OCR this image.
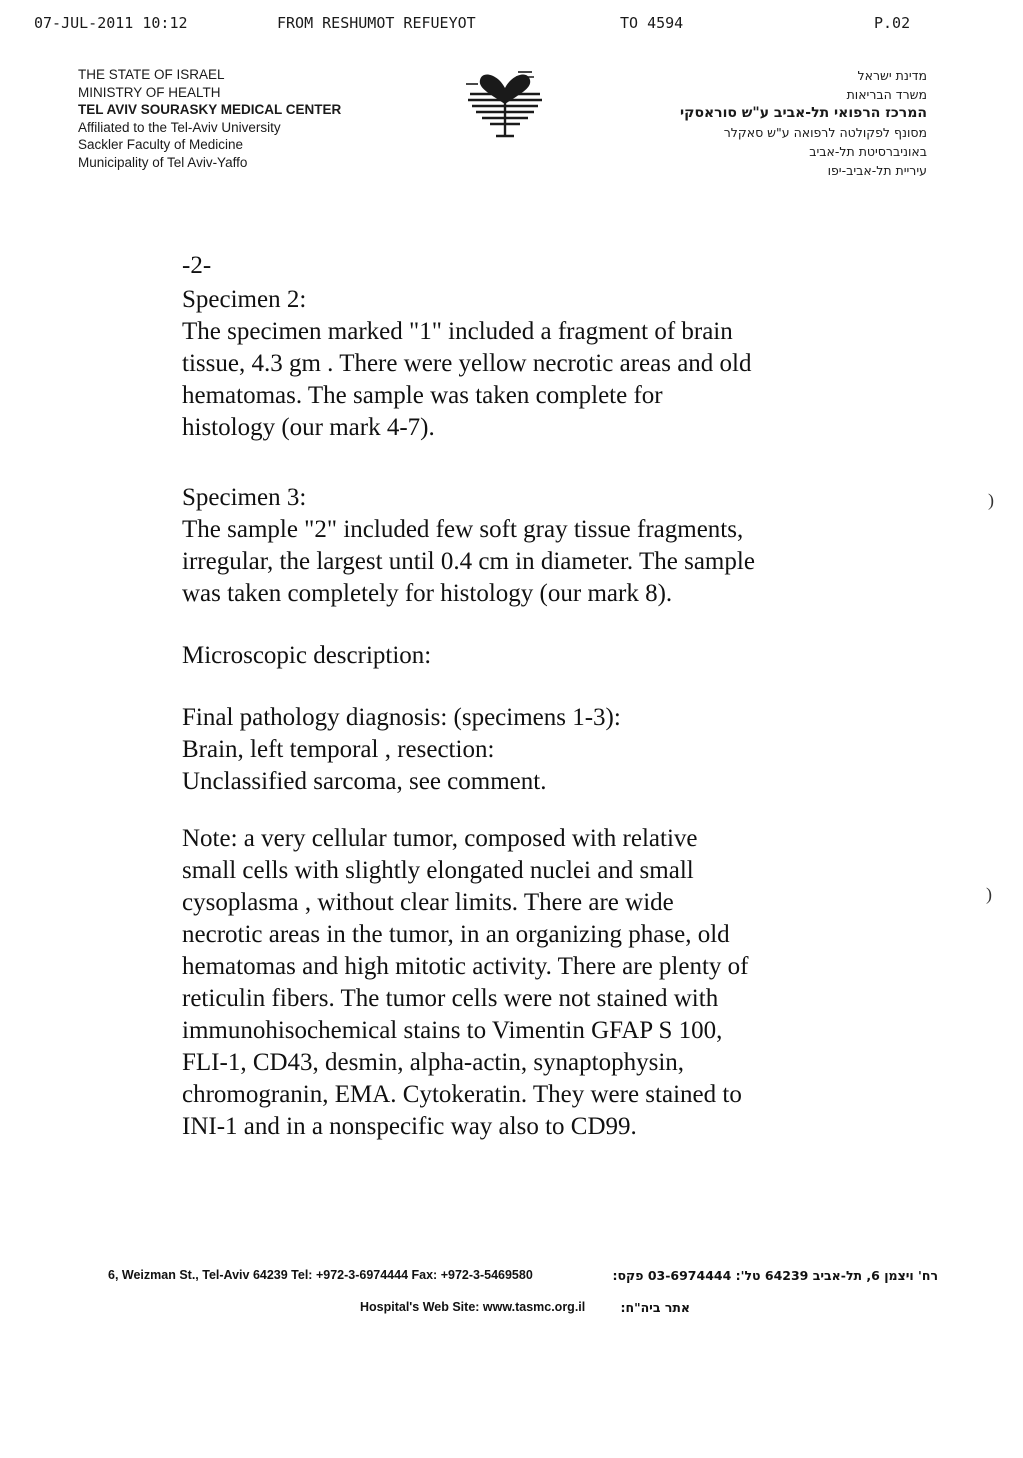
07-JUL-2011 10:12	FROM RESHUMOT REFUEYOT	TO 4594	P.02
THE STATE OF ISRAEL
MINISTRY OF HEALTH
TEL AVIV SOURASKY MEDICAL CENTER
Affiliated to the Tel-Aviv University
Sackler Faculty of Medicine
Municipality of Tel Aviv-Yaffo
מדינת ישראל
משרד הבריאות
המרכז הרפואי תל-אביב ע"ש סוראסקי
מסונף לפקולטה לרפואה ע"ש סאקלר
באוניברסיטת תל-אביב
עיריית תל-אביב-יפו
-2-
Specimen 2:
The specimen marked "1" included a fragment of brain
tissue, 4.3 gm . There were yellow necrotic areas and old
hematomas. The sample was taken complete for
histology (our mark 4-7).
Specimen 3:
The sample "2" included few soft gray tissue fragments,
irregular, the largest until 0.4 cm in diameter. The sample
was taken completely for histology (our mark 8).
Microscopic description:
Final pathology diagnosis: (specimens 1-3):
Brain, left temporal , resection:
Unclassified sarcoma, see comment.
Note: a very cellular tumor, composed with relative
small cells with slightly elongated nuclei and small
cysoplasma , without clear limits. There are wide
necrotic areas in the tumor, in an organizing phase, old
hematomas and high mitotic activity. There are plenty of
reticulin fibers. The tumor cells were not stained with
immunohisochemical stains to Vimentin GFAP S 100,
FLI-1, CD43, desmin, alpha-actin, synaptophysin,
chromogranin, EMA. Cytokeratin. They were stained to
INI-1 and in a nonspecific way also to CD99.
)
)
6, Weizman St., Tel-Aviv 64239 Tel: +972-3-6974444 Fax: +972-3-5469580	רח' ויצמן 6, תל-אביב 64239 טל': 03-6974444 פקס:
Hospital's Web Site: www.tasmc.org.il	אתר ביה"ח:
